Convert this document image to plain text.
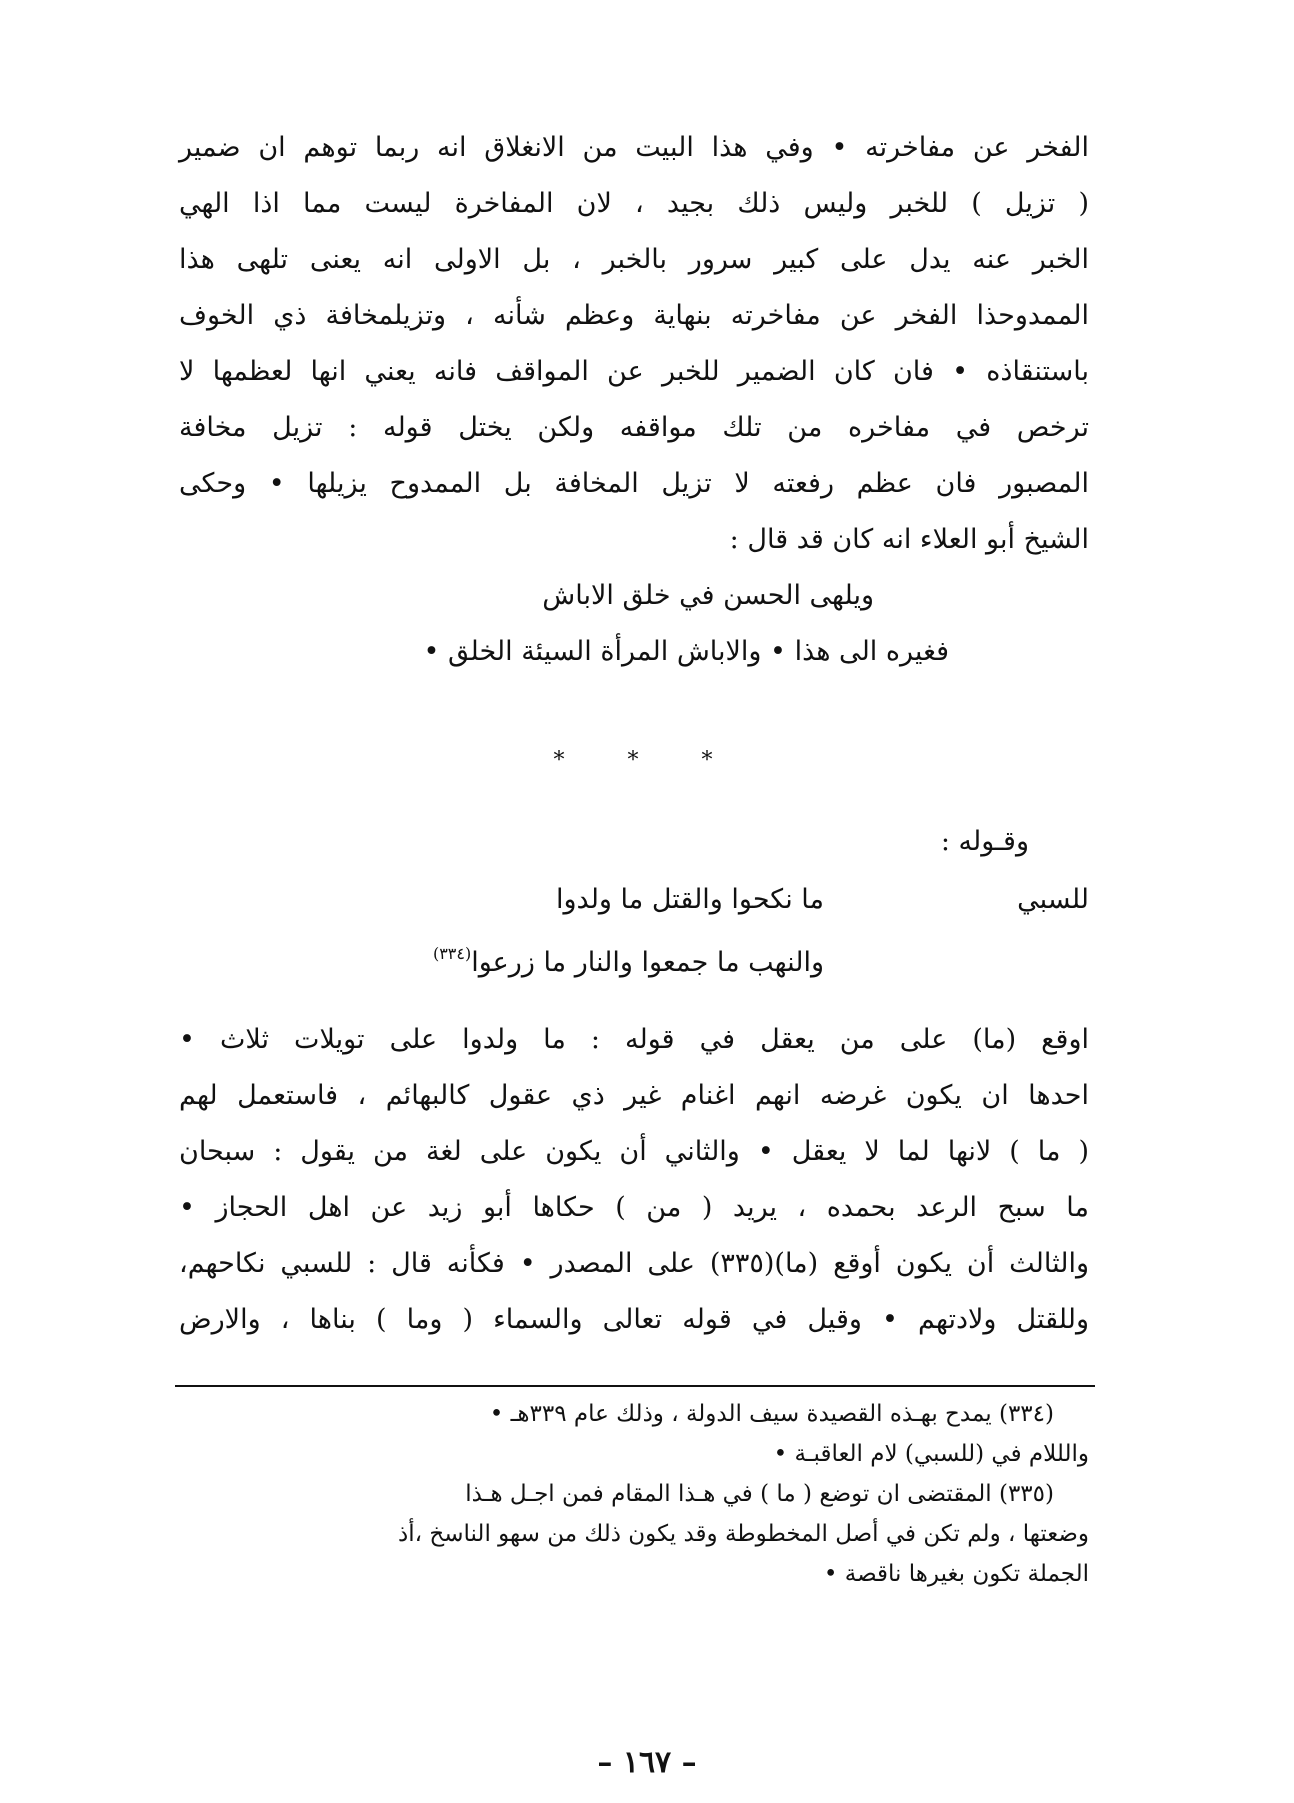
الفخر عن مفاخرته • وفي هذا البيت من الانغلاق انه ربما توهم ان ضمير
( تزيل ) للخبر وليس ذلك بجيد ، لان المفاخرة ليست مما اذا الهي
الخبر عنه يدل على كبير سرور بالخبر ، بل الاولى انه يعنى تلهى هذا
الممدوحذا الفخر عن مفاخرته بنهاية وعظم شأنه ، وتزيلمخافة ذي الخوف
باستنقاذه • فان كان الضمير للخبر عن المواقف فانه يعني انها لعظمها لا
ترخص في مفاخره من تلك مواقفه ولكن يختل قوله : تزيل مخافة
المصبور فان عظم رفعته لا تزيل المخافة بل الممدوح يزيلها • وحكى
الشيخ أبو العلاء انه كان قد قال :
ويلهى الحسن في خلق الاباش
فغيره الى هذا • والاباش المرأة السيئة الخلق •
* * *
وقـوله :
للسبي
ما نكحوا والقتل ما ولدوا
والنهب ما جمعوا والنار ما زرعوا$^{(٣٣٤)}$
اوقع (ما) على من يعقل في قوله : ما ولدوا على تويلات ثلاث •
احدها ان يكون غرضه انهم اغنام غير ذي عقول كالبهائم ، فاستعمل لهم
( ما ) لانها لما لا يعقل • والثاني أن يكون على لغة من يقول : سبحان
ما سبح الرعد بحمده ، يريد ( من ) حكاها أبو زيد عن اهل الحجاز •
والثالث أن يكون أوقع (ما)(٣٣٥) على المصدر • فكأنه قال : للسبي نكاحهم،
وللقتل ولادتهم • وقيل في قوله تعالى والسماء ( وما ) بناها ، والارض
(٣٣٤) يمدح بهـذه القصيدة سيف الدولة ، وذلك عام ٣٣٩هـ •
والللام في (للسبي) لام العاقبـة •
(٣٣٥) المقتضى ان توضع ( ما ) في هـذا المقام فمن اجـل هـذا
وضعتها ، ولم تكن في أصل المخطوطة وقد يكون ذلك من سهو الناسخ ،أذ
الجملة تكون بغيرها ناقصة •
– ١٦٧ –
